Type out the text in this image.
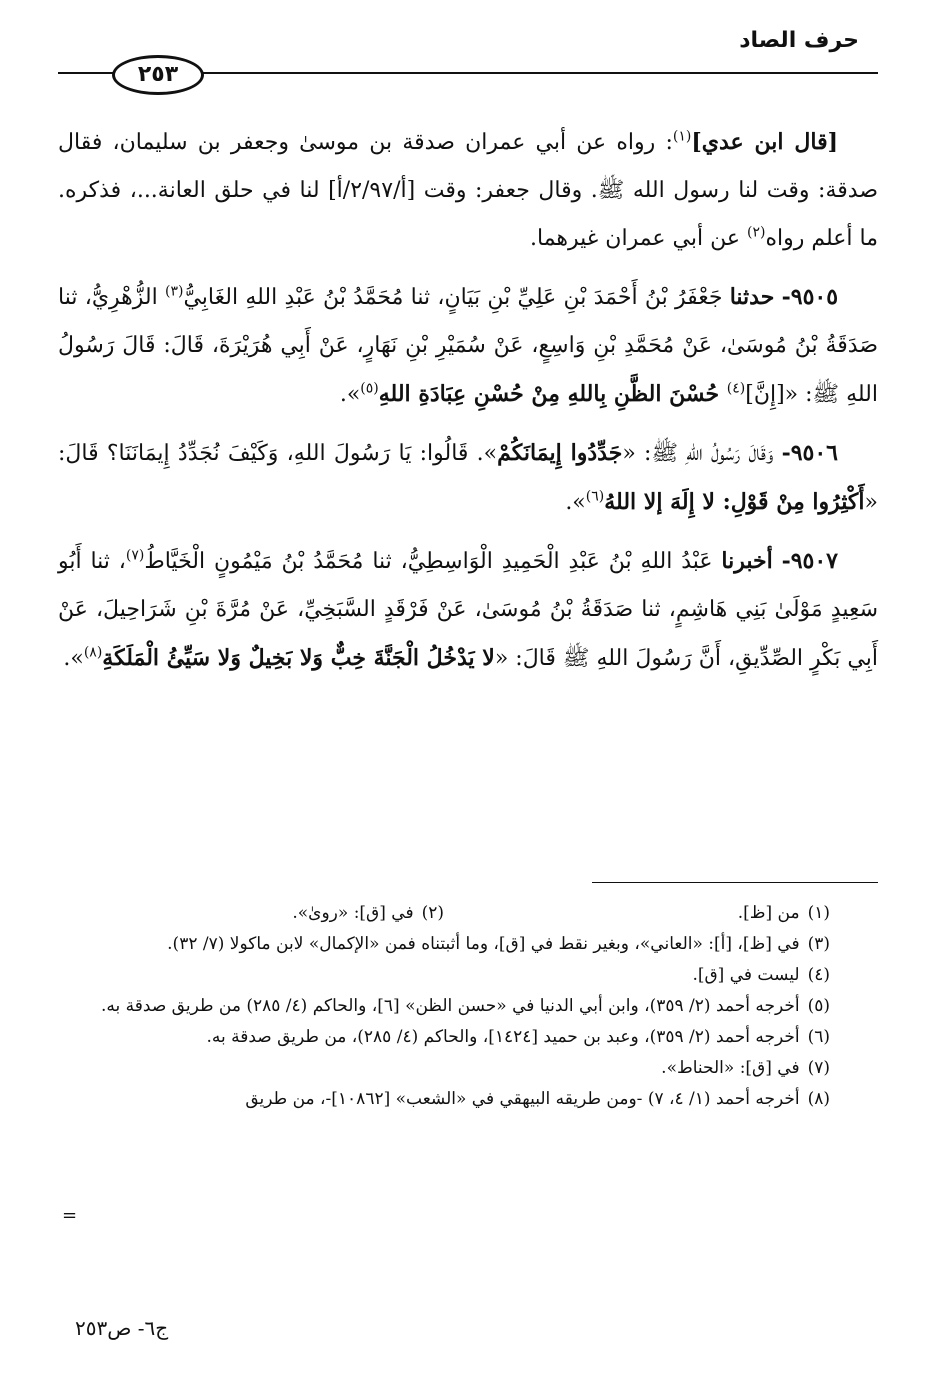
حرف الصاد
٢٥٣

[قال ابن عدي]$^{(١)}$: رواه عن أبي عمران صدقة بن موسىٰ وجعفر بن سليمان، فقال صدقة: وقت لنا رسول الله ﷺ. وقال جعفر: وقت [أ/٢/٩٧/أ] لنا في حلق العانة...، فذكره. ما أعلم رواه$^{(٢)}$ عن أبي عمران غيرهما.

٩٥٠٥- حدثنا جَعْفَرُ بْنُ أَحْمَدَ بْنِ عَلِيِّ بْنِ بَيَانٍ، ثنا مُحَمَّدُ بْنُ عَبْدِ اللهِ الغَابِيُّ$^{(٣)}$ الزُّهْرِيُّ، ثنا صَدَقَةُ بْنُ مُوسَىٰ، عَنْ مُحَمَّدِ بْنِ وَاسِعٍ، عَنْ سُمَيْرِ بْنِ نَهَارٍ، عَنْ أَبِي هُرَيْرَةَ، قَالَ: قَالَ رَسُولُ اللهِ ﷺ: «[إِنَّ]$^{(٤)}$ حُسْنَ الظَّنِ بِاللهِ مِنْ حُسْنِ عِبَادَةِ اللهِ$^{(٥)}$».

٩٥٠٦- وَقَالَ رَسُولُ اللهِ ﷺ: «جَدِّدُوا إِيمَانَكُمْ». قَالُوا: يَا رَسُولَ اللهِ، وَكَيْفَ نُجَدِّدُ إِيمَانَنَا؟ قَالَ: «أَكْثِرُوا مِنْ قَوْلِ: لا إِلَهَ إلا اللهُ$^{(٦)}$».

٩٥٠٧- أخبرنا عَبْدُ اللهِ بْنُ عَبْدِ الْحَمِيدِ الْوَاسِطِيُّ، ثنا مُحَمَّدُ بْنُ مَيْمُونٍ الْخَيَّاطُ$^{(٧)}$، ثنا أَبُو سَعِيدٍ مَوْلَىٰ بَنِي هَاشِمٍ، ثنا صَدَقَةُ بْنُ مُوسَىٰ، عَنْ فَرْقَدٍ السَّبَخِيِّ، عَنْ مُرَّةَ بْنِ شَرَاحِيلَ، عَنْ أَبِي بَكْرٍ الصِّدِّيقِ، أَنَّ رَسُولَ اللهِ ﷺ قَالَ: «لا يَدْخُلُ الْجَنَّةَ خِبٌّ وَلا بَخِيلٌ وَلا سَيِّئُ الْمَلَكَةِ$^{(٨)}$».

(١)
من [ظ].
(٢)
في [ق]: «روىٰ».
(٣)
في [ظ]، [أ]: «العاني»، وبغير نقط في [ق]، وما أثبتناه فمن «الإكمال» لابن ماكولا (٧/ ٣٢).
(٤)
ليست في [ق].
(٥)
أخرجه أحمد (٢/ ٣٥٩)، وابن أبي الدنيا في «حسن الظن» [٦]، والحاكم (٤/ ٢٨٥) من طريق صدقة به.
(٦)
أخرجه أحمد (٢/ ٣٥٩)، وعبد بن حميد [١٤٢٤]، والحاكم (٤/ ٢٨٥)، من طريق صدقة به.
(٧)
في [ق]: «الحناط».
(٨)
أخرجه أحمد (١/ ٤، ٧) -ومن طريقه البيهقي في «الشعب» [١٠٨٦٢]-، من طريق
=
ج٦- ص٢٥٣
